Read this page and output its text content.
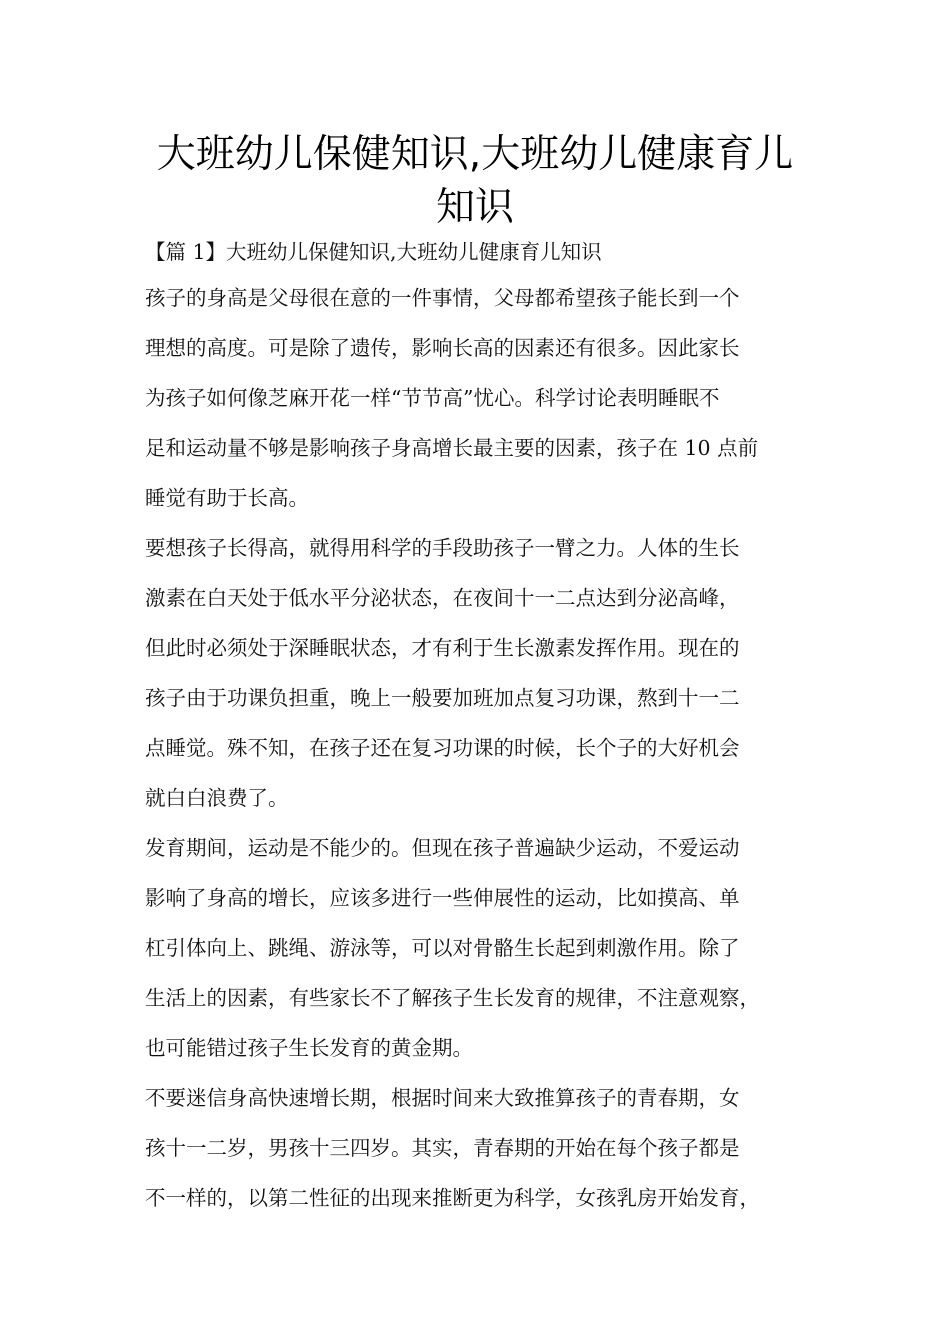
大班幼儿保健知识,大班幼儿健康育儿
知识
【篇 1】大班幼儿保健知识,大班幼儿健康育儿知识
孩子的身高是父母很在意的一件事情，父母都希望孩子能长到一个
理想的高度。可是除了遗传，影响长高的因素还有很多。因此家长
为孩子如何像芝麻开花一样“节节高”忧心。科学讨论表明睡眠不
足和运动量不够是影响孩子身高增长最主要的因素，孩子在 10 点前
睡觉有助于长高。
要想孩子长得高，就得用科学的手段助孩子一臂之力。人体的生长
激素在白天处于低水平分泌状态，在夜间十一二点达到分泌高峰，
但此时必须处于深睡眠状态，才有利于生长激素发挥作用。现在的
孩子由于功课负担重，晚上一般要加班加点复习功课，熬到十一二
点睡觉。殊不知，在孩子还在复习功课的时候，长个子的大好机会
就白白浪费了。
发育期间，运动是不能少的。但现在孩子普遍缺少运动，不爱运动
影响了身高的增长，应该多进行一些伸展性的运动，比如摸高、单
杠引体向上、跳绳、游泳等，可以对骨骼生长起到刺激作用。除了
生活上的因素，有些家长不了解孩子生长发育的规律，不注意观察，
也可能错过孩子生长发育的黄金期。
不要迷信身高快速增长期，根据时间来大致推算孩子的青春期，女
孩十一二岁，男孩十三四岁。其实，青春期的开始在每个孩子都是
不一样的，以第二性征的出现来推断更为科学，女孩乳房开始发育，
